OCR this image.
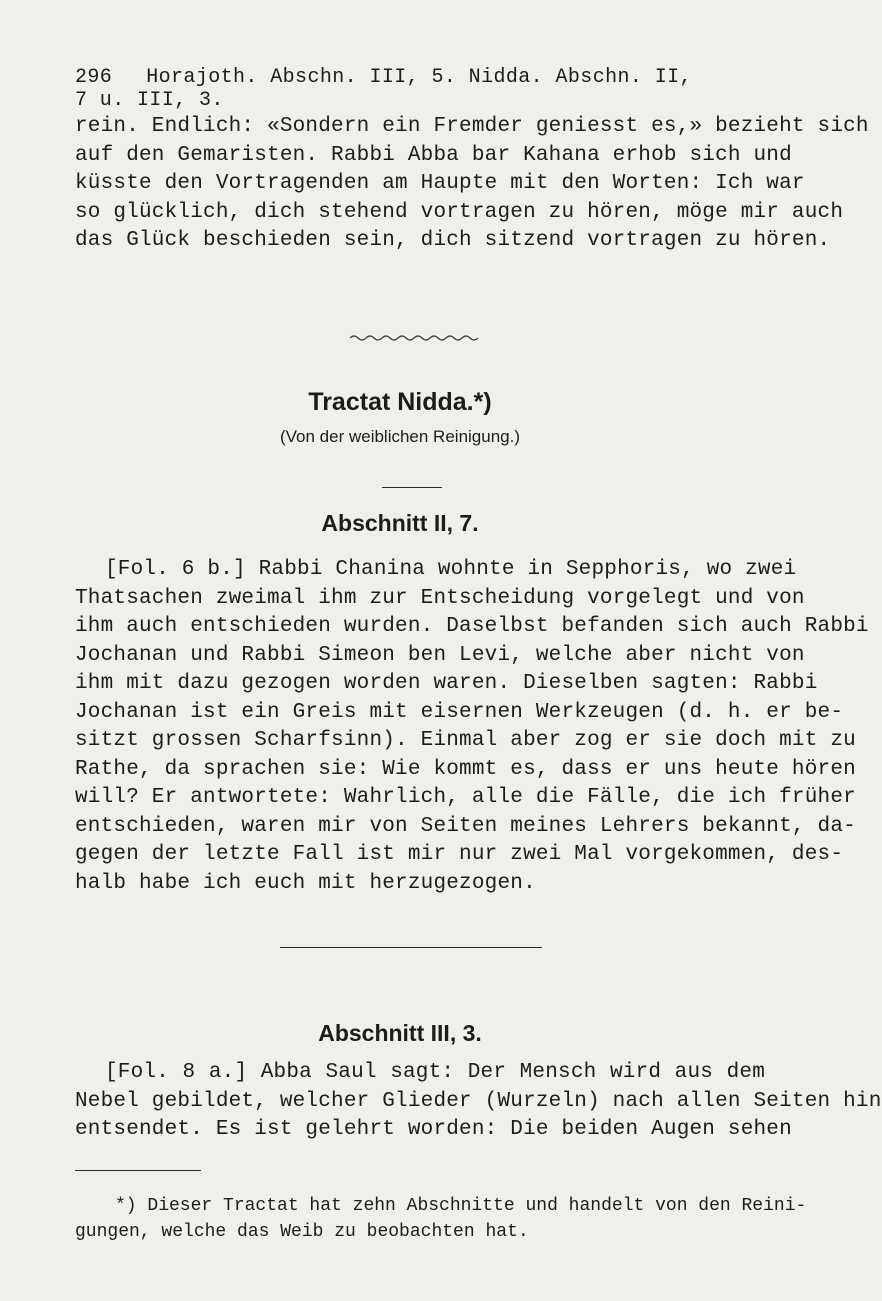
296 Horajoth. Abschn. III, 5. Nidda. Abschn. II, 7 u. III, 3.
rein. Endlich: «Sondern ein Fremder geniesst es,» bezieht sich
auf den Gemaristen. Rabbi Abba bar Kahana erhob sich und
küsste den Vortragenden am Haupte mit den Worten: Ich war
so glücklich, dich stehend vortragen zu hören, möge mir auch
das Glück beschieden sein, dich sitzend vortragen zu hören.
Tractat Nidda.*)
(Von der weiblichen Reinigung.)
Abschnitt II, 7.
[Fol. 6 b.] Rabbi Chanina wohnte in Sepphoris, wo zwei
Thatsachen zweimal ihm zur Entscheidung vorgelegt und von
ihm auch entschieden wurden. Daselbst befanden sich auch Rabbi
Jochanan und Rabbi Simeon ben Levi, welche aber nicht von
ihm mit dazu gezogen worden waren. Dieselben sagten: Rabbi
Jochanan ist ein Greis mit eisernen Werkzeugen (d. h. er be-
sitzt grossen Scharfsinn). Einmal aber zog er sie doch mit zu
Rathe, da sprachen sie: Wie kommt es, dass er uns heute hören
will? Er antwortete: Wahrlich, alle die Fälle, die ich früher
entschieden, waren mir von Seiten meines Lehrers bekannt, da-
gegen der letzte Fall ist mir nur zwei Mal vorgekommen, des-
halb habe ich euch mit herzugezogen.
Abschnitt III, 3.
[Fol. 8 a.] Abba Saul sagt: Der Mensch wird aus dem
Nebel gebildet, welcher Glieder (Wurzeln) nach allen Seiten hin
entsendet. Es ist gelehrt worden: Die beiden Augen sehen
*) Dieser Tractat hat zehn Abschnitte und handelt von den Reini-
gungen, welche das Weib zu beobachten hat.
